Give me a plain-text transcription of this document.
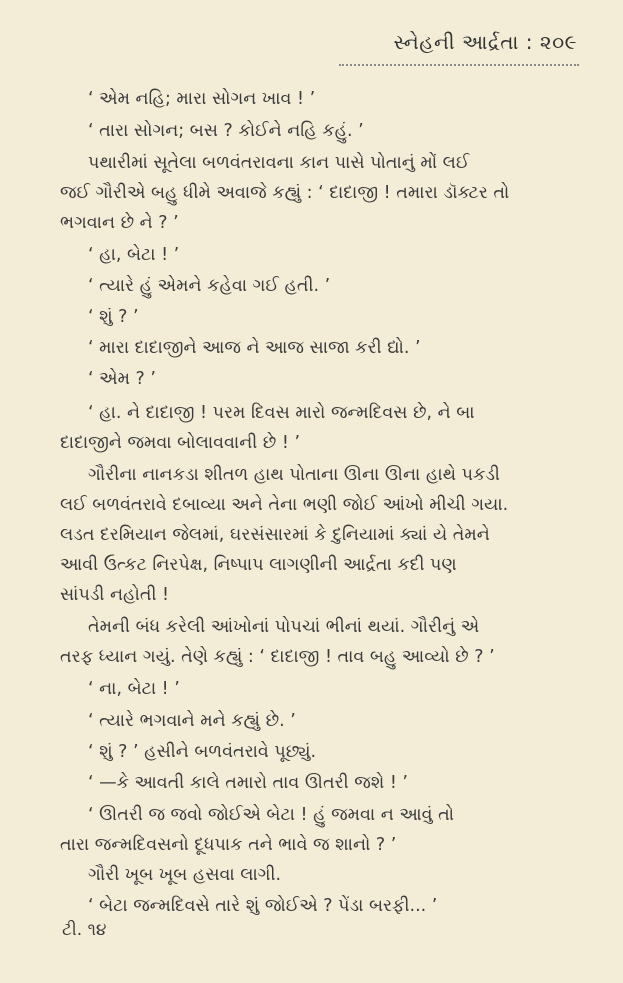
સ્નેહની આર્દ્રતા : ૨૦૯
‘ એમ નહિ; મારા સોગન ખાવ ! ’
‘ તારા સોગન; બસ ? કોઈને નહિ કહું. ’
પથારીમાં સૂતેલા બળવંતરાવના કાન પાસે પોતાનું મોં લઈ
જઈ ગૌરીએ બહુ ધીમે અવાજે કહ્યું : ‘ દાદાજી ! તમારા ડૉક્ટર તો
ભગવાન છે ને ? ’
‘ હા, બેટા ! ’
‘ ત્યારે હું એમને કહેવા ગઈ હતી. ’
‘ શું ? ’
‘ મારા દાદાજીને આજ ને આજ સાજા કરી દ્યો. ’
‘ એમ ? ’
‘ હા. ને દાદાજી ! પરમ દિવસ મારો જન્મદિવસ છે, ને બા
દાદાજીને જમવા બોલાવવાની છે ! ’
ગૌરીના નાનકડા શીતળ હાથ પોતાના ઊના ઊના હાથે પકડી
લઈ બળવંતરાવે દબાવ્યા અને તેના ભણી જોઈ આંખો મીચી ગયા.
લડત દરમિયાન જેલમાં, ઘરસંસારમાં કે દુનિયામાં ક્યાં યે તેમને
આવી ઉત્કટ નિરપેક્ષ, નિષ્પાપ લાગણીની આર્દ્રતા કદી પણ
સાંપડી નહોતી !
તેમની બંધ કરેલી આંખોનાં પોપચાં ભીનાં થયાં. ગૌરીનું એ
તરફ ધ્યાન ગયું. તેણે કહ્યું : ‘ દાદાજી ! તાવ બહુ આવ્યો છે ? ’
‘ ના, બેટા ! ’
‘ ત્યારે ભગવાને મને કહ્યું છે. ’
‘ શું ? ’ હસીને બળવંતરાવે પૂછ્યું.
‘ —કે આવતી કાલે તમારો તાવ ઊતરી જશે ! ’
‘ ઊતરી જ જવો જોઈએ બેટા ! હું જમવા ન આવું તો
તારા જન્મદિવસનો દૂધપાક તને ભાવે જ શાનો ? ’
ગૌરી ખૂબ ખૂબ હસવા લાગી.
‘ બેટા જન્મદિવસે તારે શું જોઈએ ? પેંડા બરફી... ’
ટી. ૧૪
